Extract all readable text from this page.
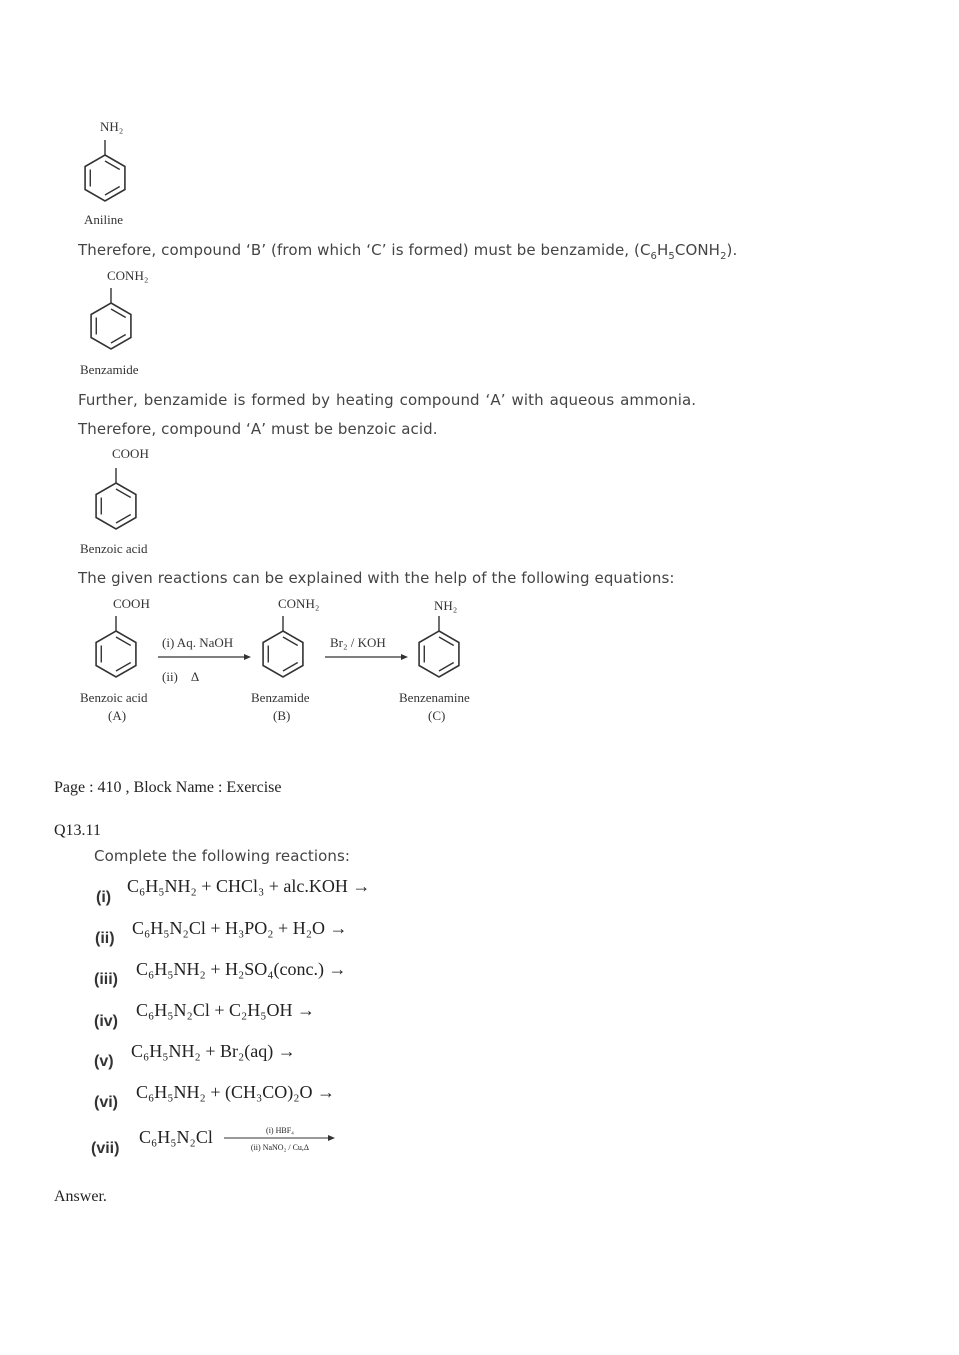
NH₂
Aniline
Therefore, compound ‘B’ (from which ‘C’ is formed) must be benzamide, $(C_6H_5CONH_2)$.
CONH₂
Benzamide
Further, benzamide is formed by heating compound ‘A’ with aqueous ammonia.
Therefore, compound ‘A’ must be benzoic acid.
COOH
Benzoic acid
The given reactions can be explained with the help of the following equations:
COOH
Benzoic acid
(A)
(i) Aq. NaOH
(ii)    Δ
CONH₂
Benzamide
(B)
Br₂ / KOH
NH₂
Benzenamine
(C)
Page : 410 , Block Name : Exercise
Q13.11
Complete the following reactions:
(i)
C₆H₅NH₂ + CHCl₃ + alc.KOH →
(ii)
C₆H₅N₂Cl + H₃PO₂ + H₂O →
(iii)
C₆H₅NH₂ + H₂SO₄(conc.) →
(iv)
C₆H₅N₂Cl + C₂H₅OH →
(v)
C₆H₅NH₂ + Br₂(aq) →
(vi)
C₆H₅NH₂ + (CH₃CO)₂O →
(vii)
C₆H₅N₂Cl	(i) HBF₄
(ii) NaNO₂ / Cu,Δ
Answer.
